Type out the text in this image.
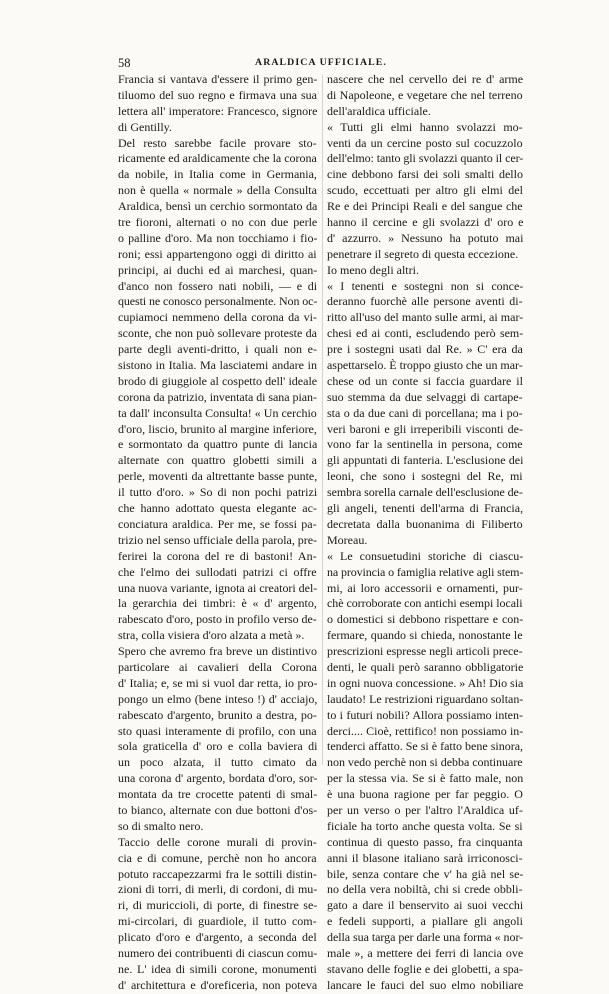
58	ARALDICA UFFICIALE.
Francia si vantava d'essere il primo gen-
tiluomo del suo regno e firmava una sua
lettera all' imperatore: Francesco, signore
di Gentilly.
Del resto sarebbe facile provare sto-
ricamente ed araldicamente che la corona
da nobile, in Italia come in Germania,
non è quella « normale » della Consulta
Araldica, bensì un cerchio sormontato da
tre fioroni, alternati o no con due perle
o palline d'oro. Ma non tocchiamo i fio-
roni; essi appartengono oggi di diritto ai
principi, ai duchi ed ai marchesi, quan-
d'anco non fossero nati nobili, — e di
questi ne conosco personalmente. Non oc-
cupiamoci nemmeno della corona da vi-
sconte, che non può sollevare proteste da
parte degli aventi-dritto, i quali non e-
sistono in Italia. Ma lasciatemi andare in
brodo di giuggiole al cospetto dell' ideale
corona da patrizio, inventata di sana pian-
ta dall' inconsulta Consulta! « Un cerchio
d'oro, liscio, brunito al margine inferiore,
e sormontato da quattro punte di lancia
alternate con quattro globetti simili a
perle, moventi da altrettante basse punte,
il tutto d'oro. » So di non pochi patrizi
che hanno adottato questa elegante ac-
conciatura araldica. Per me, se fossi pa-
trizio nel senso ufficiale della parola, pre-
ferirei la corona del re di bastoni! An-
che l'elmo dei sullodati patrizi ci offre
una nuova variante, ignota ai creatori del-
la gerarchia dei timbri: è « d' argento,
rabescato d'oro, posto in profilo verso de-
stra, colla visiera d'oro alzata a metà ».
Spero che avremo fra breve un distintivo
particolare ai cavalieri della Corona
d' Italia; e, se mi si vuol dar retta, io pro-
pongo un elmo (bene inteso !) d' acciajo,
rabescato d'argento, brunito a destra, po-
sto quasi interamente di profilo, con una
sola graticella d' oro e colla baviera di
un poco alzata, il tutto cimato da
una corona d' argento, bordata d'oro, sor-
montata da tre crocette patenti di smal-
to bianco, alternate con due bottoni d'os-
so di smalto nero.
Taccio delle corone murali di provin-
cia e di comune, perchè non ho ancora
potuto raccapezzarmi fra le sottili distin-
zioni di torri, di merli, di cordoni, di mu-
ri, di muriccioli, di porte, di finestre se-
mi-circolari, di guardiole, il tutto com-
plicato d'oro e d'argento, a seconda del
numero dei contribuenti di ciascun comu-
ne. L' idea di simili corone, monumenti
d' architettura e d'oreficeria, non poteva
nascere che nel cervello dei re d' arme
di Napoleone, e vegetare che nel terreno
dell'araldica ufficiale.
« Tutti gli elmi hanno svolazzi mo-
venti da un cercine posto sul cocuzzolo
dell'elmo: tanto gli svolazzi quanto il cer-
cine debbono farsi dei soli smalti dello
scudo, eccettuati per altro gli elmi del
Re e dei Principi Reali e del sangue che
hanno il cercine e gli svolazzi d' oro e
d' azzurro. » Nessuno ha potuto mai
penetrare il segreto di questa eccezione.
Io meno degli altri.
« I tenenti e sostegni non si conce-
deranno fuorchè alle persone aventi di-
ritto all'uso del manto sulle armi, ai mar-
chesi ed ai conti, escludendo però sem-
pre i sostegni usati dal Re. » C' era da
aspettarselo. È troppo giusto che un mar-
chese od un conte si faccia guardare il
suo stemma da due selvaggi di cartape-
sta o da due cani di porcellana; ma i po-
veri baroni e gli irreperibili visconti de-
vono far la sentinella in persona, come
gli appuntati di fanteria. L'esclusione dei
leoni, che sono i sostegni del Re, mi
sembra sorella carnale dell'esclusione de-
gli angeli, tenenti dell'arma di Francia,
decretata dalla buonanima di Filiberto
Moreau.
« Le consuetudini storiche di ciascu-
na provincia o famiglia relative agli stem-
mi, ai loro accessorii e ornamenti, pur-
chè corroborate con antichi esempi locali
o domestici si debbono rispettare e con-
fermare, quando si chieda, nonostante le
prescrizioni espresse negli articoli prece-
denti, le quali però saranno obbligatorie
in ogni nuova concessione. » Ah! Dio sia
laudato! Le restrizioni riguardano soltan-
to i futuri nobili? Allora possiamo inten-
derci.... Cioè, rettifico! non possiamo in-
tenderci affatto. Se si è fatto bene sinora,
non vedo perchè non si debba continuare
per la stessa via. Se si è fatto male, non
è una buona ragione per far peggio. O
per un verso o per l'altro l'Araldica uf-
ficiale ha torto anche questa volta. Se si
continua di questo passo, fra cinquanta
anni il blasone italiano sarà irriconosci-
bile, senza contare che v' ha già nel se-
no della vera nobiltà, chi si crede obbli-
gato a dare il benservito ai suoi vecchi
e fedeli supporti, a piallare gli angoli
della sua targa per darle una forma « nor-
male », a mettere dei ferri di lancia ove
stavano delle foglie e dei globetti, a spa-
lancare le fauci del suo elmo nobiliare
